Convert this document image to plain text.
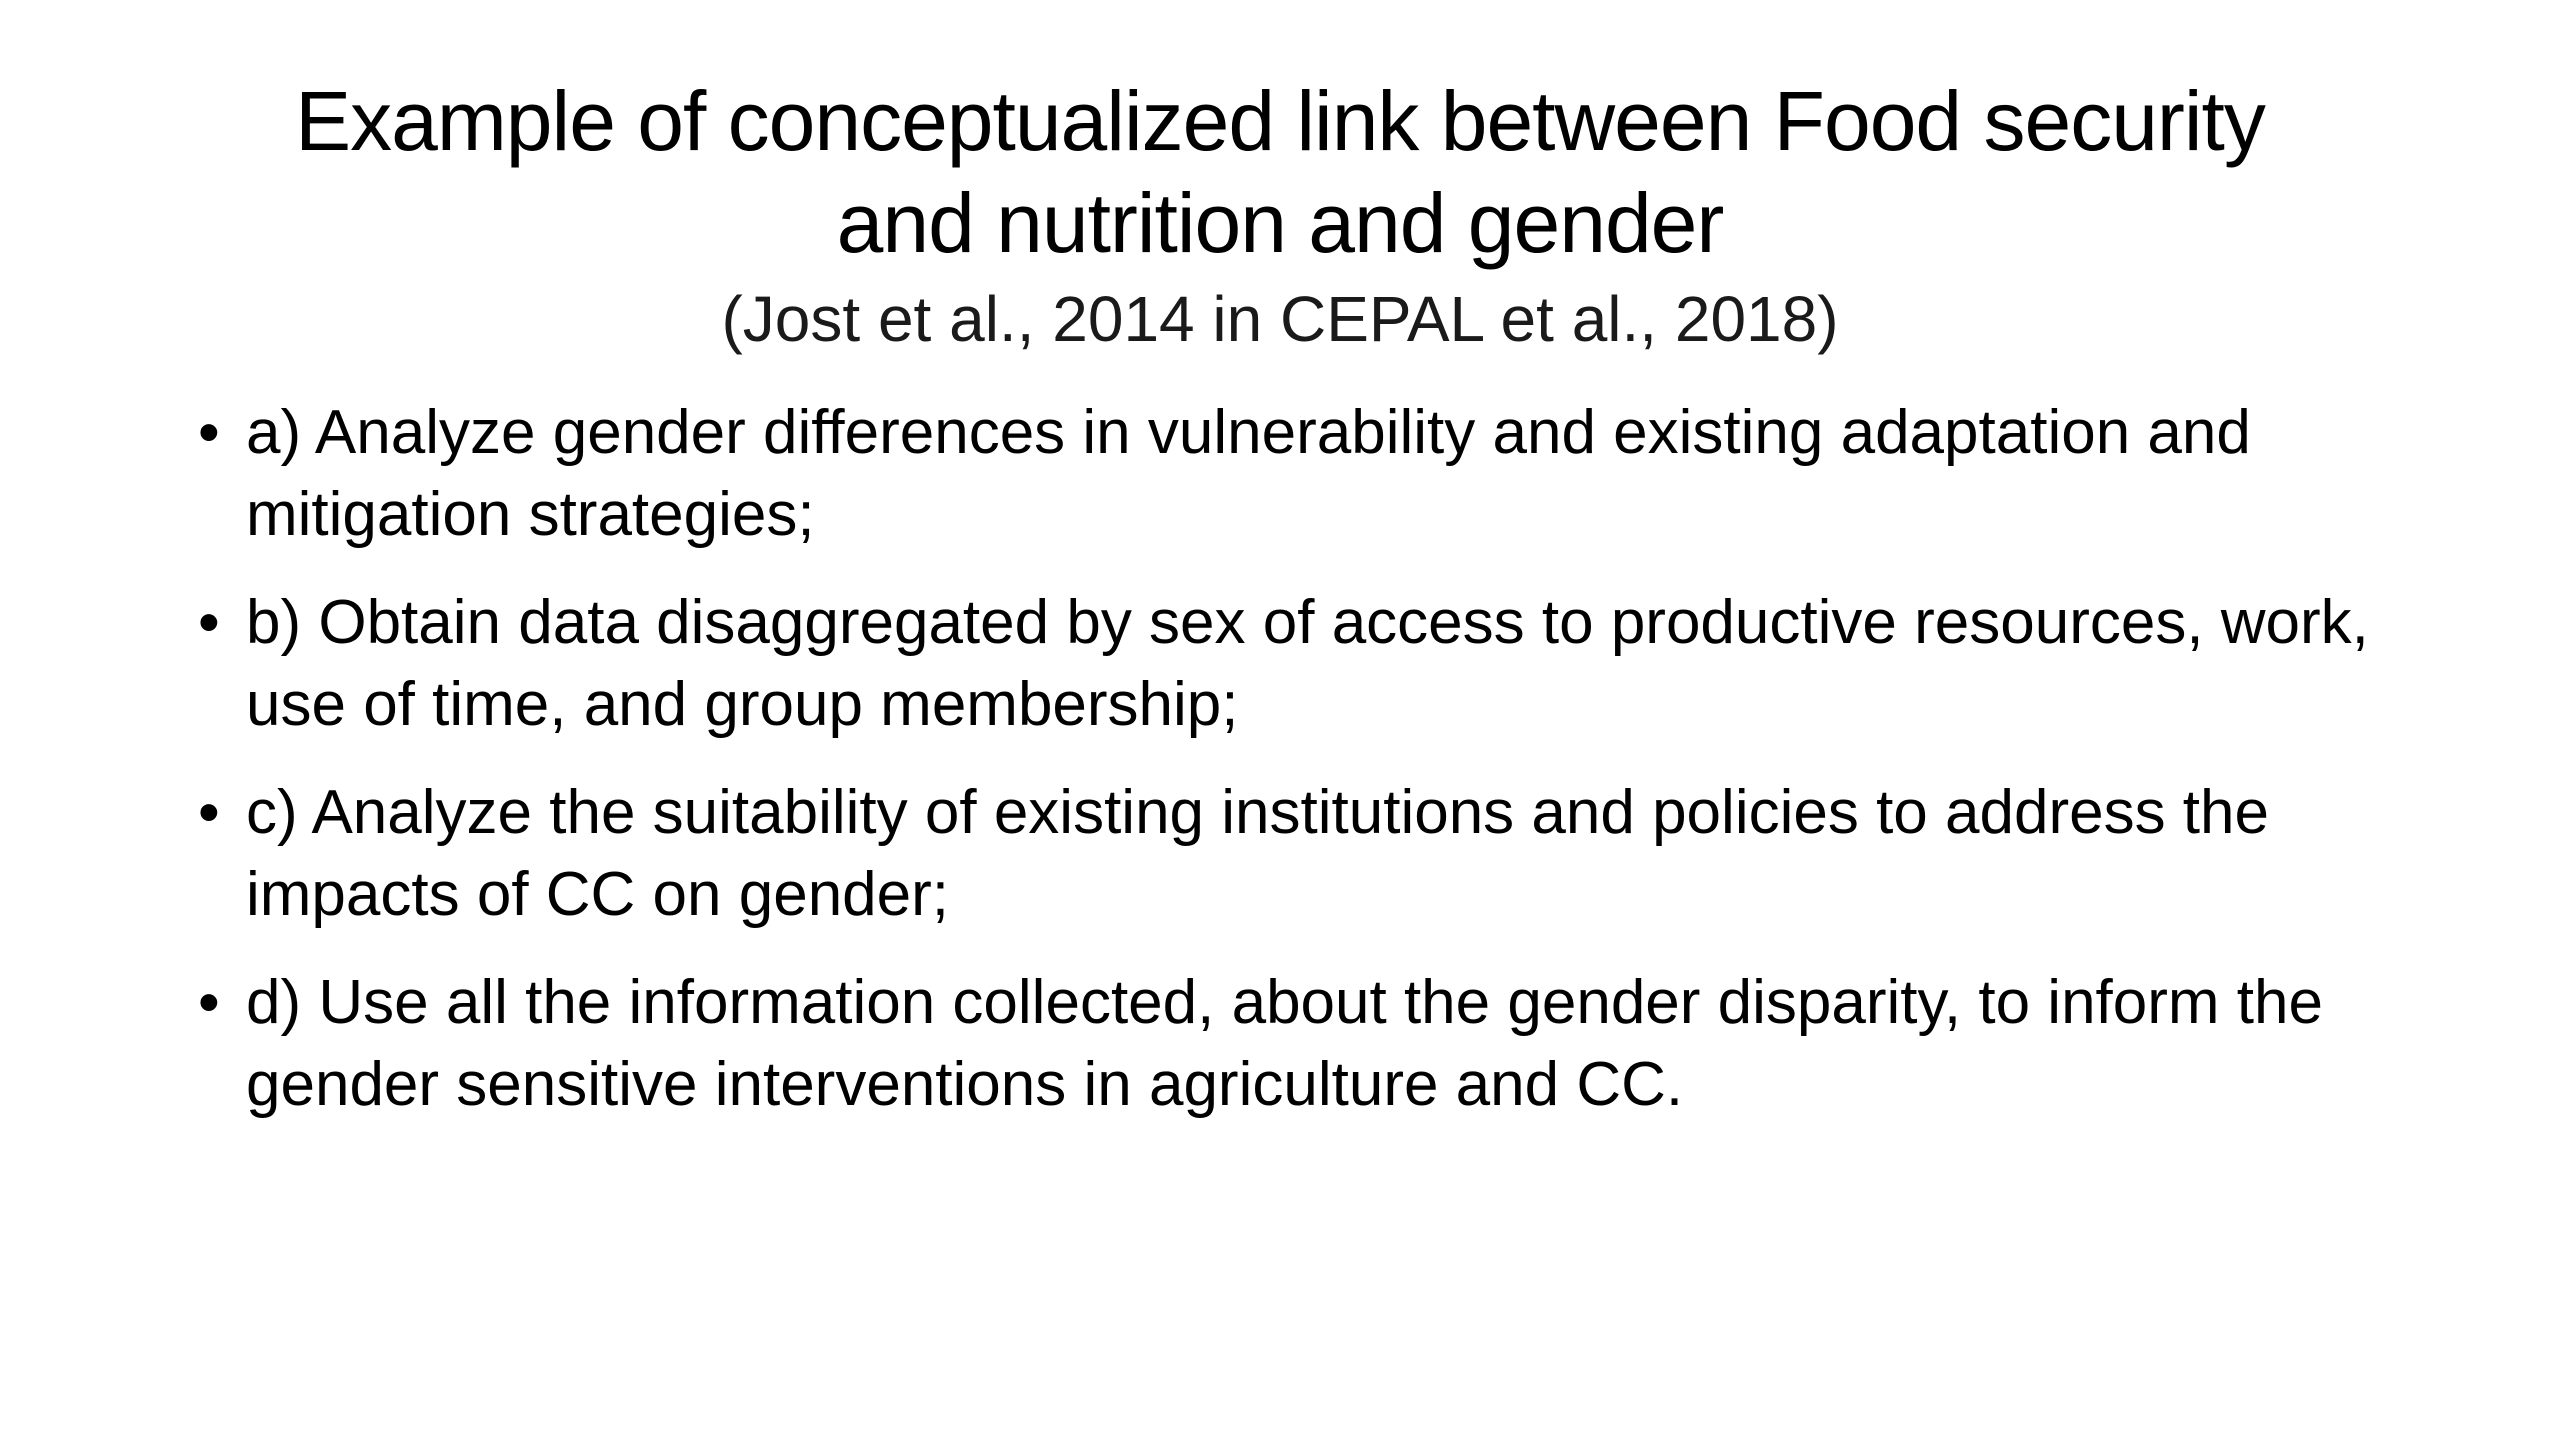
Example of conceptualized link between Food security and nutrition and gender

(Jost et al., 2014 in CEPAL et al., 2018)

• a) Analyze gender differences in vulnerability and existing adaptation and mitigation strategies;
• b) Obtain data disaggregated by sex of access to productive resources, work, use of time, and group membership;
• c) Analyze the suitability of existing institutions and policies to address the impacts of CC on gender;
• d) Use all the information collected, about the gender disparity, to inform the gender sensitive interventions in agriculture and CC.
